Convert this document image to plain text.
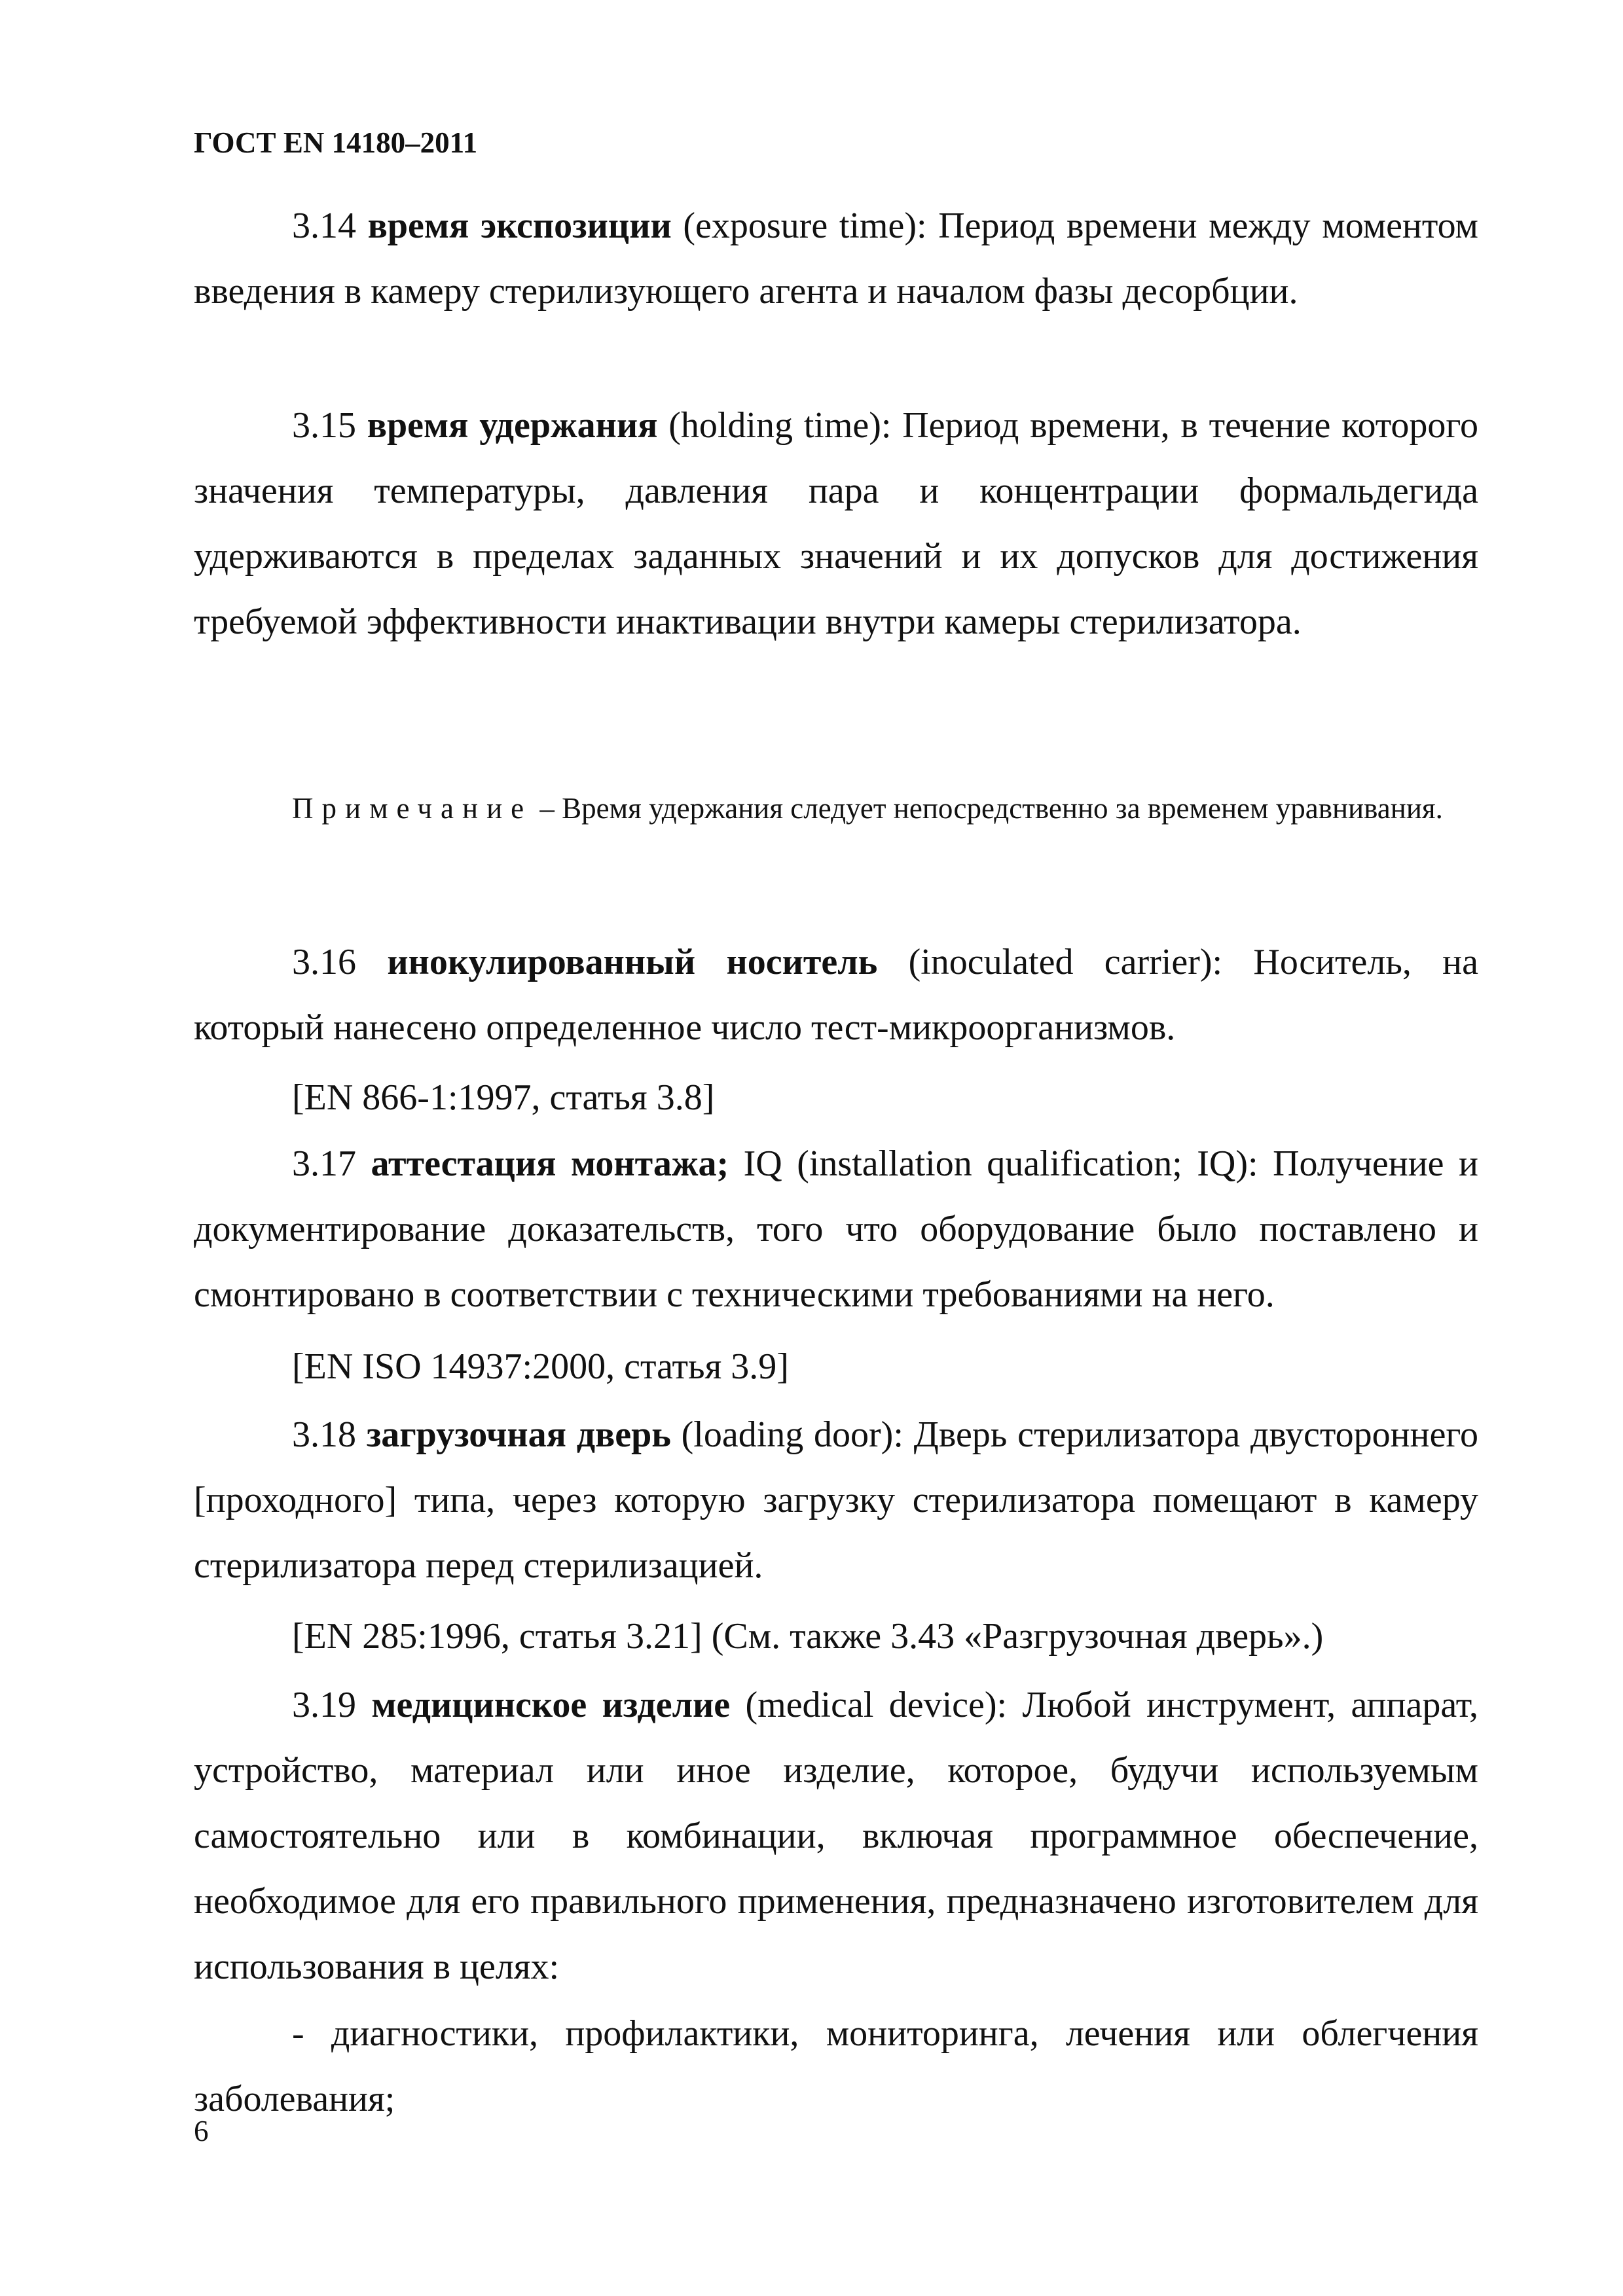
ГОСТ EN 14180–2011
3.14 время экспозиции (exposure time): Период времени между моментом введения в камеру стерилизующего агента и началом фазы десорбции.
3.15 время удержания (holding time): Период времени, в течение которого значения температуры, давления пара и концентрации формальдегида удерживаются в пределах заданных значений и их допусков для достижения требуемой эффективности инактивации внутри камеры стерилизатора.
Примечание – Время удержания следует непосредственно за временем уравнивания.
3.16 инокулированный носитель (inoculated carrier): Носитель, на который нанесено определенное число тест-микроорганизмов.
[EN 866-1:1997, статья 3.8]
3.17 аттестация монтажа; IQ (installation qualification; IQ): Получение и документирование доказательств, того что оборудование было поставлено и смонтировано в соответствии с техническими требованиями на него.
[EN ISO 14937:2000, статья 3.9]
3.18 загрузочная дверь (loading door): Дверь стерилизатора двустороннего [проходного] типа, через которую загрузку стерилизатора помещают в камеру стерилизатора перед стерилизацией.
[EN 285:1996, статья 3.21] (См. также 3.43 «Разгрузочная дверь».)
3.19 медицинское изделие (medical device): Любой инструмент, аппарат, устройство, материал или иное изделие, которое, будучи используемым самостоятельно или в комбинации, включая программное обеспечение, необходимое для его правильного применения, предназначено изготовителем для использования в целях:
- диагностики, профилактики, мониторинга, лечения или облегчения заболевания;
6
